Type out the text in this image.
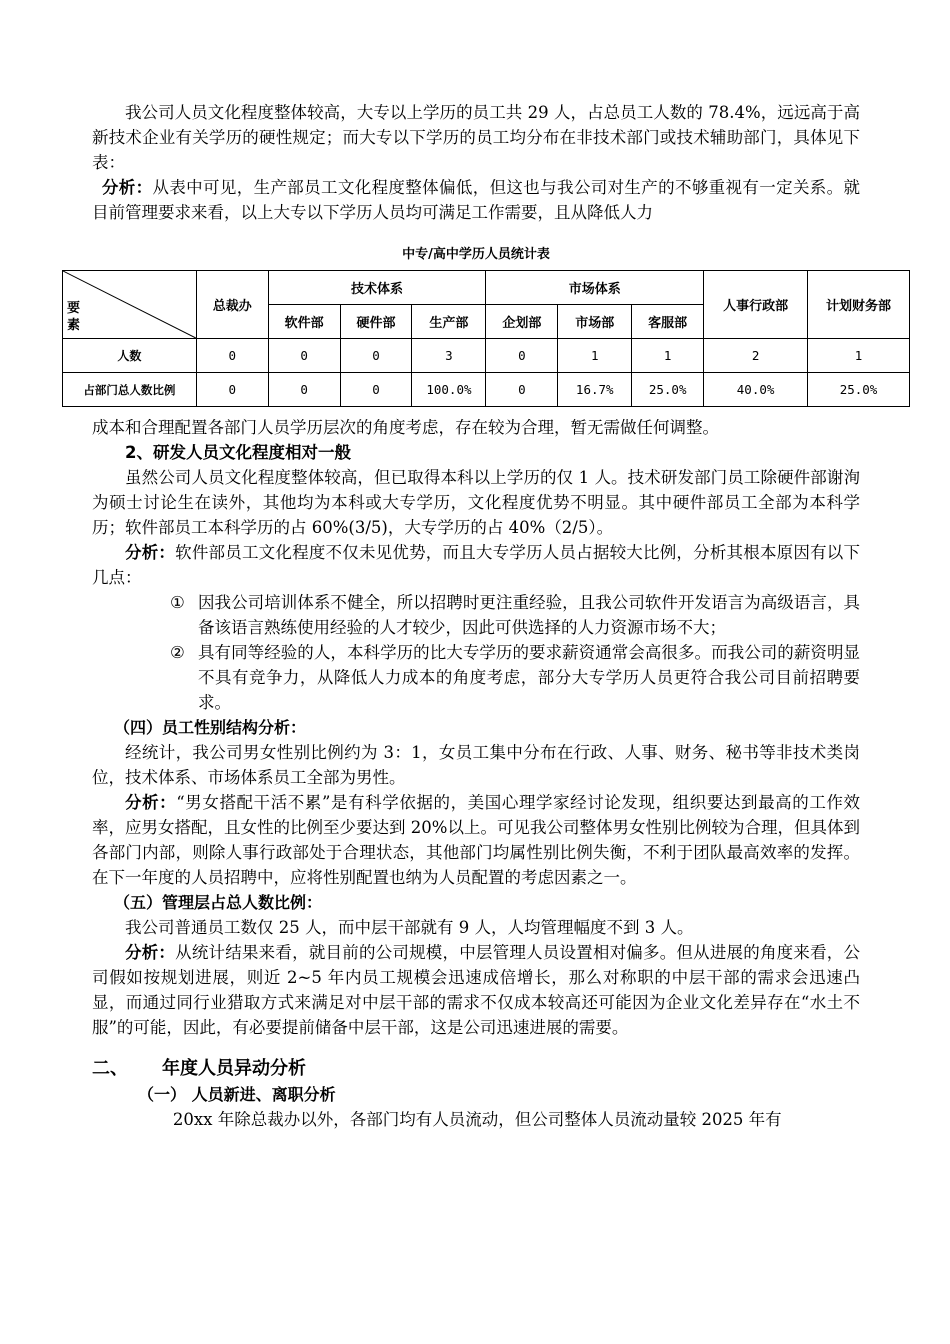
我公司人员文化程度整体较高，大专以上学历的员工共 29 人，占总员工人数的 78.4%，远远高于高新技术企业有关学历的硬性规定；而大专以下学历的员工均分布在非技术部门或技术辅助部门，具体见下表：

分析：从表中可见，生产部员工文化程度整体偏低，但这也与我公司对生产的不够重视有一定关系。就目前管理要求来看，以上大专以下学历人员均可满足工作需要，且从降低人力

中专/高中学历人员统计表
要
素	总裁办	技术体系			市场体系			人事行政部	计划财务部
		软件部	硬件部	生产部	企划部	市场部	客服部		
人数	0	0	0	3	0	1	1	2	1
占部门总人数比例	0	0	0	100.0%	0	16.7%	25.0%	40.0%	25.0%

成本和合理配置各部门人员学历层次的角度考虑，存在较为合理，暂无需做任何调整。

2、研发人员文化程度相对一般

虽然公司人员文化程度整体较高，但已取得本科以上学历的仅 1 人。技术研发部门员工除硬件部谢洵为硕士讨论生在读外，其他均为本科或大专学历，文化程度优势不明显。其中硬件部员工全部为本科学历；软件部员工本科学历的占 60%(3/5)，大专学历的占 40%（2/5）。

分析：软件部员工文化程度不仅未见优势，而且大专学历人员占据较大比例，分析其根本原因有以下几点：

① 因我公司培训体系不健全，所以招聘时更注重经验，且我公司软件开发语言为高级语言，具备该语言熟练使用经验的人才较少，因此可供选择的人力资源市场不大；
② 具有同等经验的人，本科学历的比大专学历的要求薪资通常会高很多。而我公司的薪资明显不具有竞争力，从降低人力成本的角度考虑，部分大专学历人员更符合我公司目前招聘要求。
（四）员工性别结构分析：

经统计，我公司男女性别比例约为 3：1，女员工集中分布在行政、人事、财务、秘书等非技术类岗位，技术体系、市场体系员工全部为男性。

分析：“男女搭配干活不累”是有科学依据的，美国心理学家经讨论发现，组织要达到最高的工作效率，应男女搭配，且女性的比例至少要达到 20%以上。可见我公司整体男女性别比例较为合理，但具体到各部门内部，则除人事行政部处于合理状态，其他部门均属性别比例失衡，不利于团队最高效率的发挥。在下一年度的人员招聘中，应将性别配置也纳为人员配置的考虑因素之一。

（五）管理层占总人数比例：

我公司普通员工数仅 25 人，而中层干部就有 9 人，人均管理幅度不到 3 人。

分析：从统计结果来看，就目前的公司规模，中层管理人员设置相对偏多。但从进展的角度来看，公司假如按规划进展，则近 2~5 年内员工规模会迅速成倍增长，那么对称职的中层干部的需求会迅速凸显，而通过同行业猎取方式来满足对中层干部的需求不仅成本较高还可能因为企业文化差异存在“水土不服”的可能，因此，有必要提前储备中层干部，这是公司迅速进展的需要。

二、 年度人员异动分析
（一） 人员新进、离职分析

20xx 年除总裁办以外，各部门均有人员流动，但公司整体人员流动量较 2025 年有
